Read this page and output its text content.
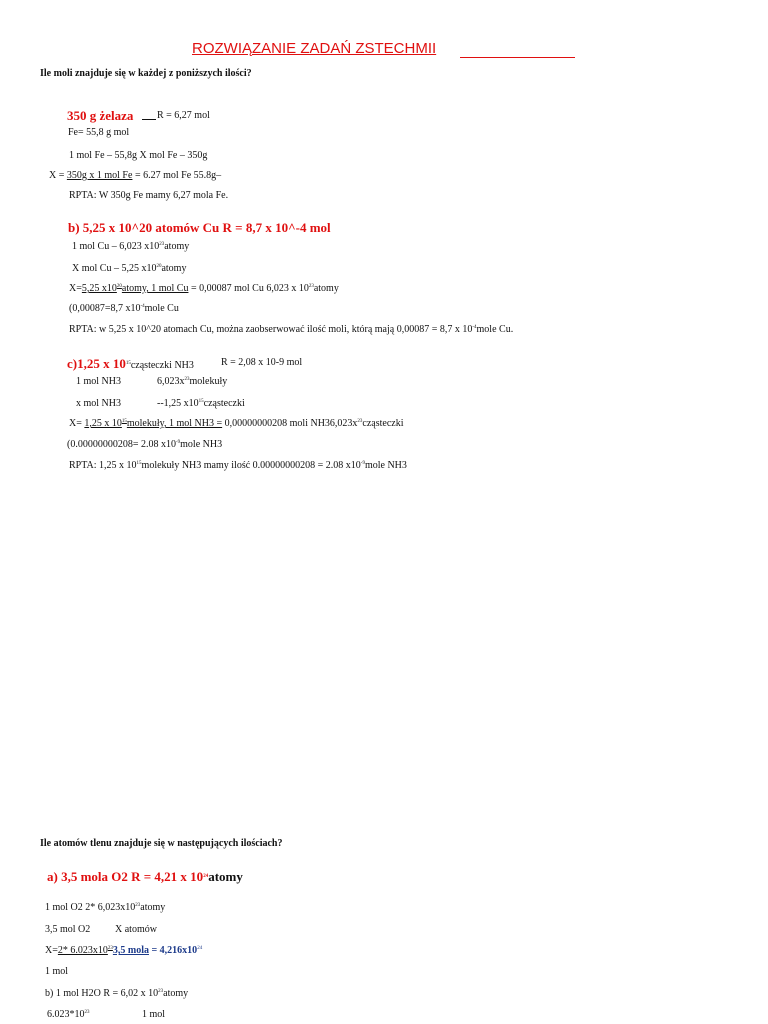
ROZWIĄZANIE ZADAŃ ZSTECHMII
Ile moli znajduje się w każdej z poniższych ilości?
350 g żelaza R = 6,27 mol
Fe= 55,8 g mol
1 mol Fe – 55,8g X mol Fe – 350g
X = 350g x 1 mol Fe = 6.27 mol Fe 55.8g–
RPTA: W 350g Fe mamy 6,27 mola Fe.
b) 5,25 x 10^20 atomów Cu R = 8,7 x 10^-4 mol
1 mol Cu – 6,023 $x10^{23}atomy$
X mol Cu – 5,25 $x10^{20}atomy$
X=5,25 $x10^{20}atomy$, 1 mol Cu = 0,00087 mol Cu 6,023 x $10^{23}atomy$
(0,00087=8,7 $x10^{-4}mole$ Cu
RPTA: w 5,25 x 10^20 atomach Cu, można zaobserwować ilość moli, którą mają 0,00087 = 8,7 x $10^{-4}mole$ Cu.
c)1,25 x $10^{15}cząsteczki$ NH3	R = 2,08 x 10-9 mol
1 mol NH3	$6,023x^{23}molekuły$
x mol NH3	--1,25 $x10^{15}cząsteczki$
X= 1,25 x $10^{15}molekuły$, 1 mol NH3 = 0,00000000208 moli $NH36,023x^{23}cząsteczki$
(0.00000000208= 2.08 $x10^{-9}mole$ NH3
RPTA: 1,25 x $10^{15}molekuły$ NH3 mamy ilość 0.00000000208 = 2.08 $x10^{-9}mole$ NH3
Ile atomów tlenu znajduje się w następujących ilościach?
a) 3,5 mola O2 R = 4,21 x $10^{24}atomy$
1 mol O2 2* $6,023x10^{23}atomy$
3,5 mol O2 X atomów
X=2* $6.023x10^{23}3,5$ mola = $4,216x10^{24}$
1 mol
b) 1 mol H2O R = 6,02 x $10^{23}atomy$
$6.023*10^{23}$	1 mol
